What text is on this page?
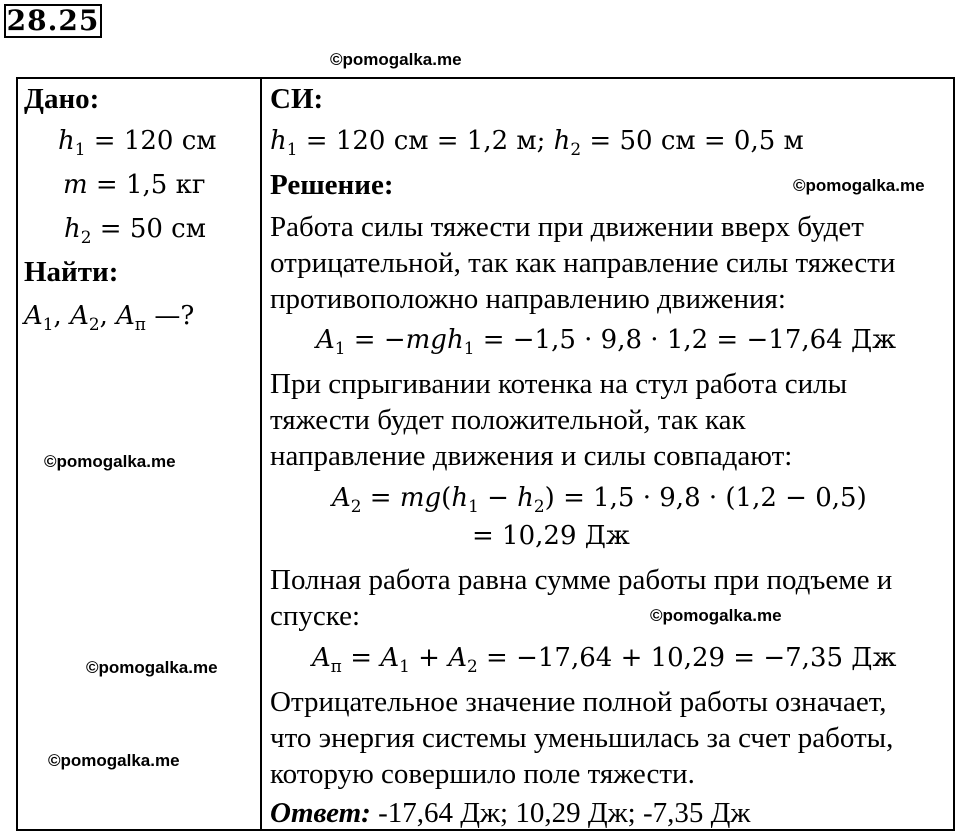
28.25
©pomogalka.me
©pomogalka.me
©pomogalka.me
©pomogalka.me
©pomogalka.me
©pomogalka.me
Дано:
$h_1 = 120$ см
m = 1,5 кг
$h_2 = 50$ см
Найти:
$A_1$, $A_2$, $A_п$ —?
СИ:
$h_1 = 120$ см = 1,2 м; $h_2 = 50$ см = 0,5 м
Решение:
Работа силы тяжести при движении вверх будет
отрицательной, так как направление силы тяжести
противоположно направлению движения:
$A_1 = -mgh_1 = -1,5 \cdot 9,8 \cdot 1,2 = -17,64$ Дж
При спрыгивании котенка на стул работа силы
тяжести будет положительной, так как
направление движения и силы совпадают:
$A_2 = mg(h_1 - h_2) = 1,5 \cdot 9,8 \cdot (1,2 - 0,5)$
= 10,29 Дж
Полная работа равна сумме работы при подъеме и
спуске:
$A_п = A_1 + A_2 = -17,64 + 10,29 = -7,35$ Дж
Отрицательное значение полной работы означает,
что энергия системы уменьшилась за счет работы,
которую совершило поле тяжести.
Ответ: -17,64 Дж; 10,29 Дж; -7,35 Дж
